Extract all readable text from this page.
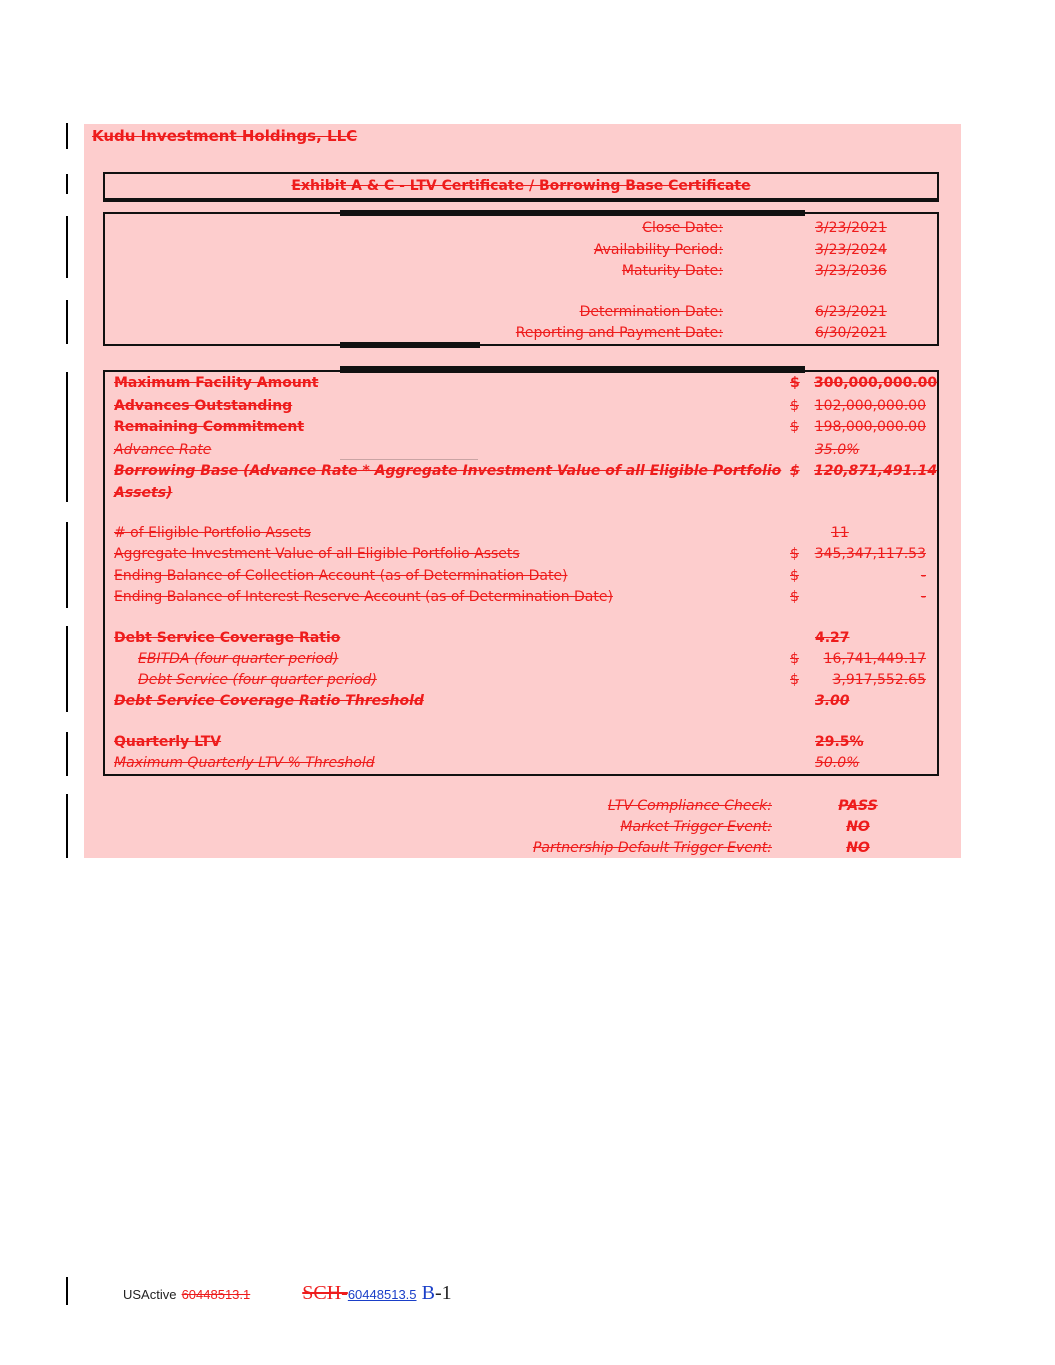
Kudu Investment Holdings, LLC
Exhibit A & C - LTV Certificate / Borrowing Base Certificate
Close Date:	3/23/2021
Availability Period:	3/23/2024
Maturity Date:	3/23/2036
Determination Date:	6/23/2021
Reporting and Payment Date:	6/30/2021
Maximum Facility Amount	$ 300,000,000.00
Advances Outstanding	$ 102,000,000.00
Remaining Commitment	$ 198,000,000.00
Advance Rate	35.0%
Borrowing Base (Advance Rate * Aggregate Investment Value of all Eligible Portfolio
Assets)
$ 120,871,491.14
# of Eligible Portfolio Assets	11
Aggregate Investment Value of all Eligible Portfolio Assets	$ 345,347,117.53
Ending Balance of Collection Account (as of Determination Date)	$	-
Ending Balance of Interest Reserve Account (as of Determination Date)	$	-
Debt Service Coverage Ratio	4.27
EBITDA (four quarter period)	$	16,741,449.17
Debt Service (four quarter period)	$	3,917,552.65
Debt Service Coverage Ratio Threshold	3.00
Quarterly LTV	29.5%
Maximum Quarterly LTV % Threshold	50.0%
LTV Compliance Check:	PASS
Market Trigger Event:	NO
Partnership Default Trigger Event:	NO
USActive 60448513.1	SCH-60448513.5 B-1
